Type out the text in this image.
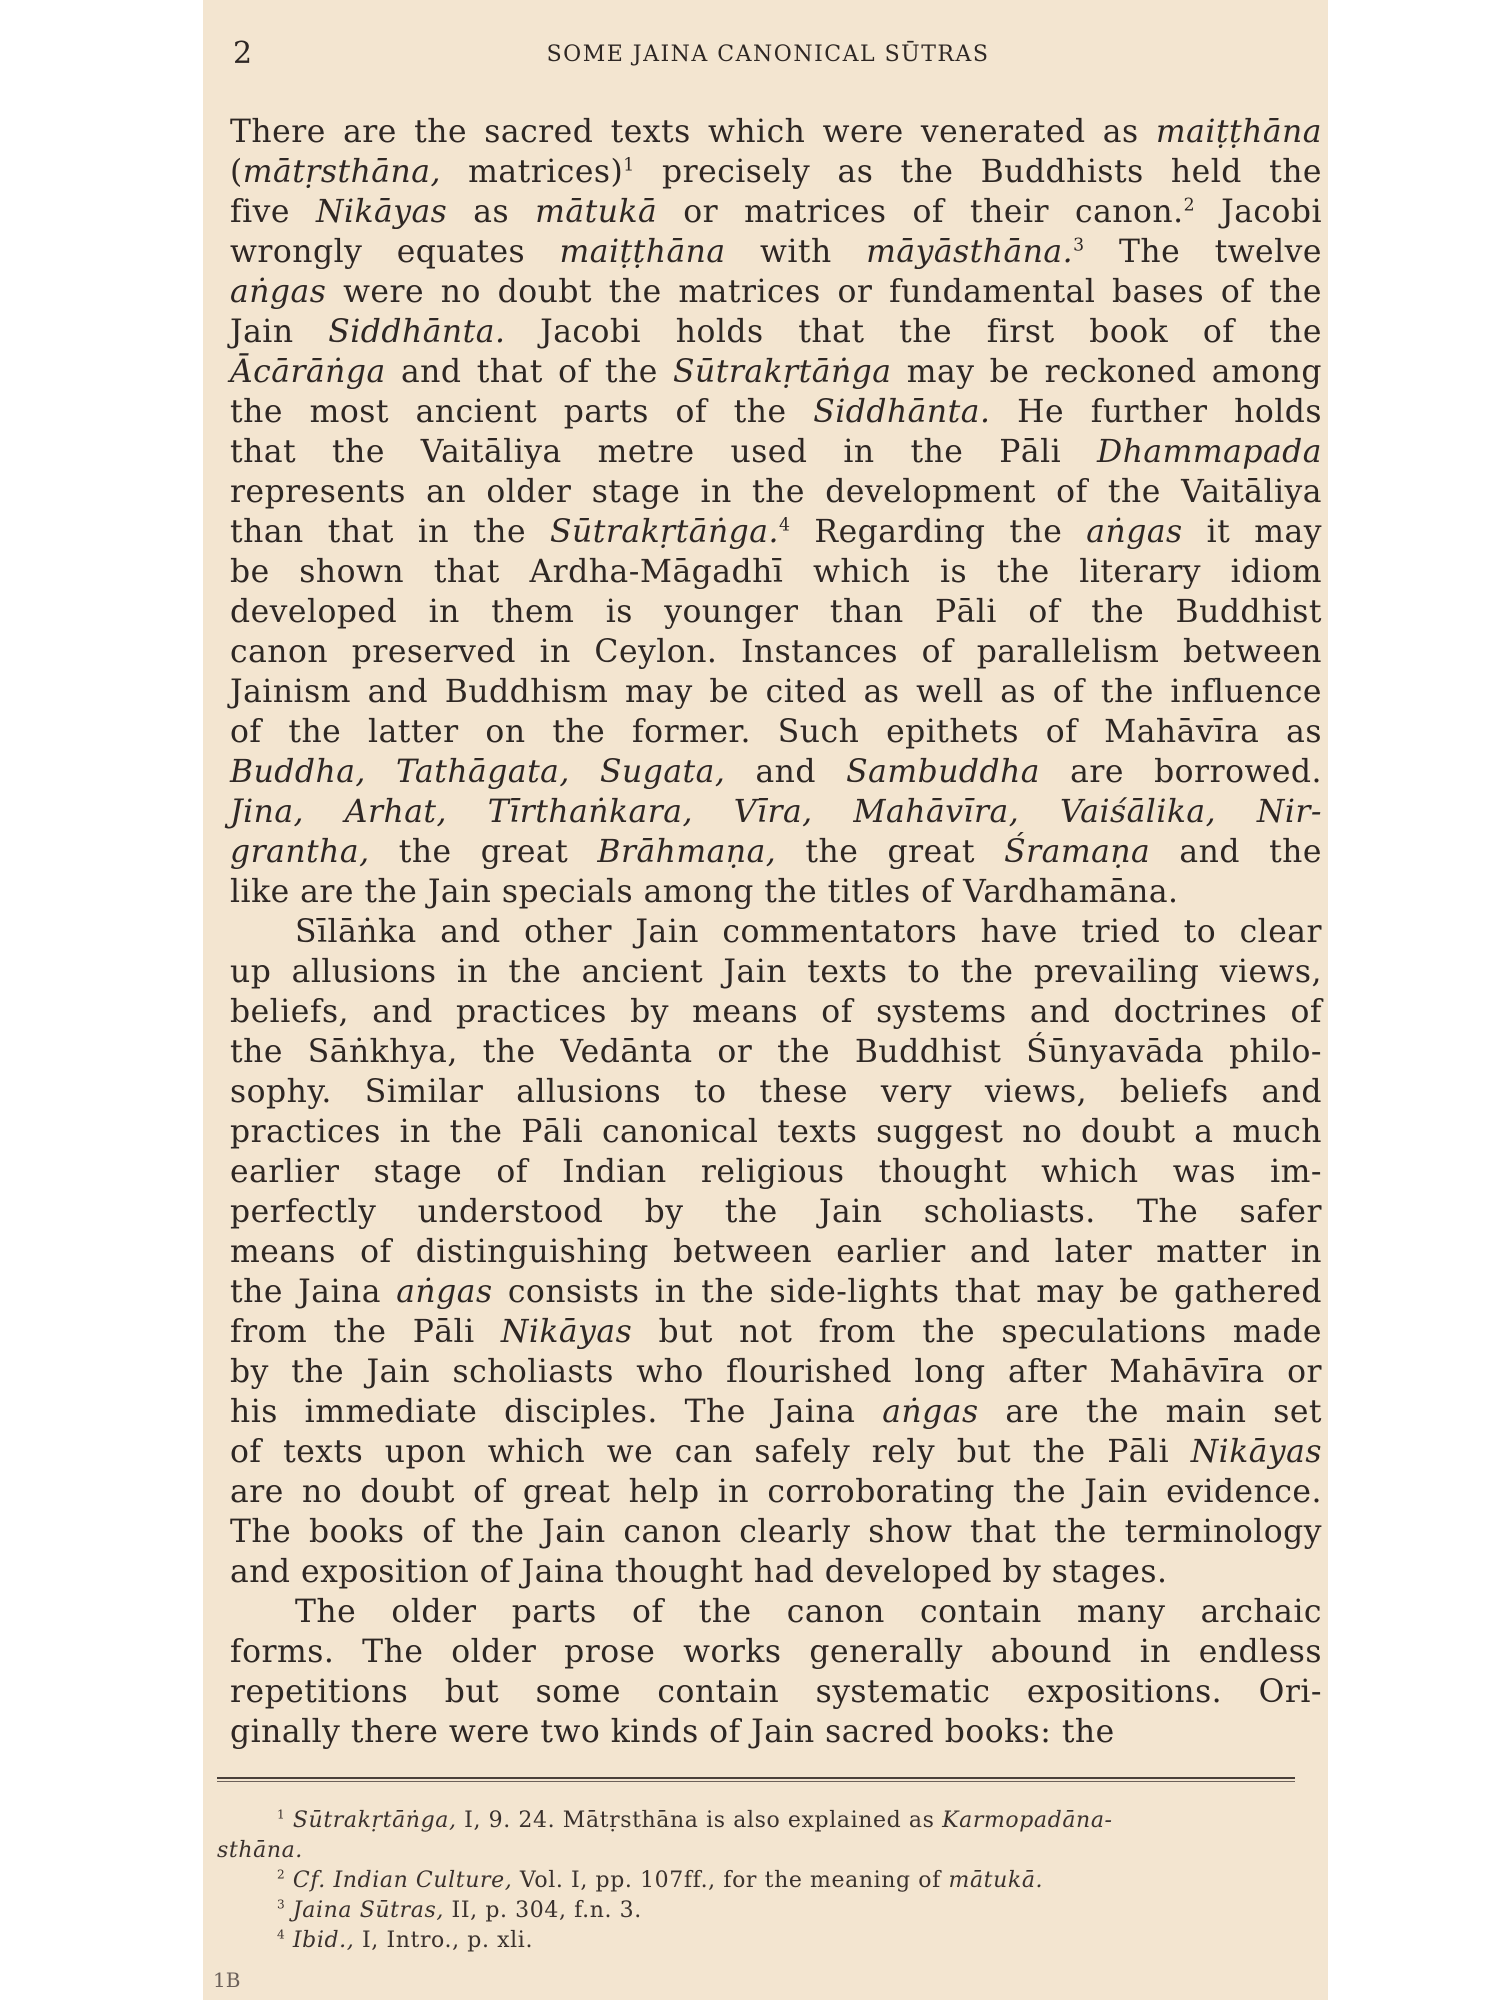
2	SOME JAINA CANONICAL SŪTRAS
There are the sacred texts which were venerated as maiṭṭhāna
(mātṛsthāna, matrices)$^1$ precisely as the Buddhists held the
five Nikāyas as mātukā or matrices of their canon.$^2$ Jacobi
wrongly equates maiṭṭhāna with māyāsthāna.$^3$ The twelve
aṅgas were no doubt the matrices or fundamental bases of the
Jain Siddhānta. Jacobi holds that the first book of the
Ācārāṅga and that of the Sūtrakṛtāṅga may be reckoned among
the most ancient parts of the Siddhānta. He further holds
that the Vaitāliya metre used in the Pāli Dhammapada
represents an older stage in the development of the Vaitāliya
than that in the Sūtrakṛtāṅga.$^4$ Regarding the aṅgas it may
be shown that Ardha-Māgadhī which is the literary idiom
developed in them is younger than Pāli of the Buddhist
canon preserved in Ceylon. Instances of parallelism between
Jainism and Buddhism may be cited as well as of the influence
of the latter on the former. Such epithets of Mahāvīra as
Buddha, Tathāgata, Sugata, and Sambuddha are borrowed.
Jina, Arhat, Tīrthaṅkara, Vīra, Mahāvīra, Vaiśālika, Nir-
grantha, the great Brāhmaṇa, the great Śramaṇa and the
like are the Jain specials among the titles of Vardhamāna.
Sīlāṅka and other Jain commentators have tried to clear
up allusions in the ancient Jain texts to the prevailing views,
beliefs, and practices by means of systems and doctrines of
the Sāṅkhya, the Vedānta or the Buddhist Śūnyavāda philo-
sophy. Similar allusions to these very views, beliefs and
practices in the Pāli canonical texts suggest no doubt a much
earlier stage of Indian religious thought which was im-
perfectly understood by the Jain scholiasts. The safer
means of distinguishing between earlier and later matter in
the Jaina aṅgas consists in the side-lights that may be gathered
from the Pāli Nikāyas but not from the speculations made
by the Jain scholiasts who flourished long after Mahāvīra or
his immediate disciples. The Jaina aṅgas are the main set
of texts upon which we can safely rely but the Pāli Nikāyas
are no doubt of great help in corroborating the Jain evidence.
The books of the Jain canon clearly show that the terminology
and exposition of Jaina thought had developed by stages.
The older parts of the canon contain many archaic
forms. The older prose works generally abound in endless
repetitions but some contain systematic expositions. Ori-
ginally there were two kinds of Jain sacred books: the
$^1$ Sūtrakṛtāṅga, I, 9. 24. Mātṛsthāna is also explained as Karmopadāna-
sthāna.
$^2$ Cf. Indian Culture, Vol. I, pp. 107ff., for the meaning of mātukā.
$^3$ Jaina Sūtras, II, p. 304, f.n. 3.
$^4$ Ibid., I, Intro., p. xli.
1B
